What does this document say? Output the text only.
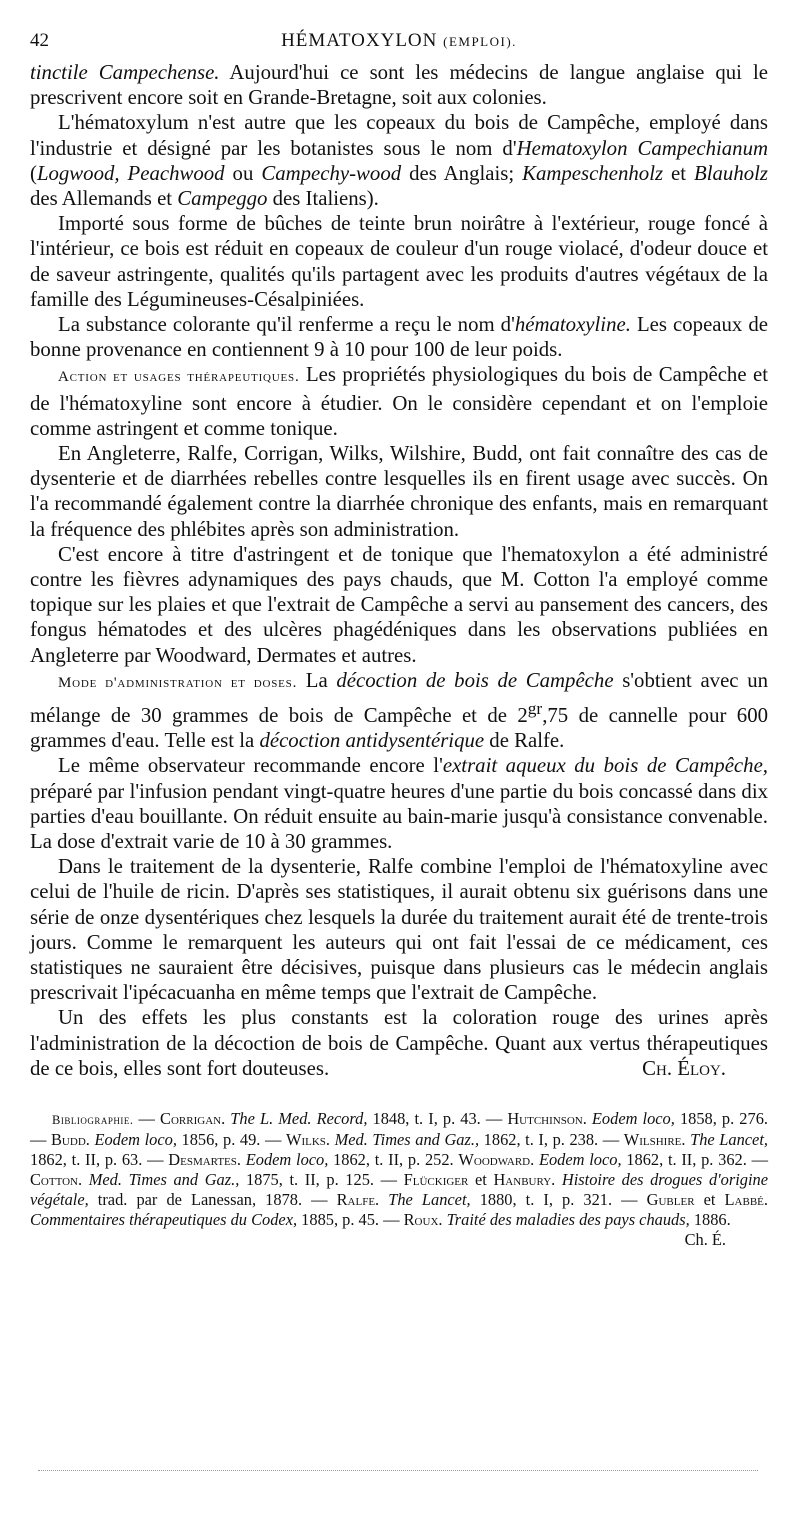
42	HÉMATOXYLON (EMPLOI).

tinctile Campechense. Aujourd'hui ce sont les médecins de langue anglaise qui le prescrivent encore soit en Grande-Bretagne, soit aux colonies.

L'hématoxylum n'est autre que les copeaux du bois de Campêche, employé dans l'industrie et désigné par les botanistes sous le nom d'Hematoxylon Campechianum (Logwood, Peachwood ou Campechy-wood des Anglais; Kampeschenholz et Blauholz des Allemands et Campeggo des Italiens).

Importé sous forme de bûches de teinte brun noirâtre à l'extérieur, rouge foncé à l'intérieur, ce bois est réduit en copeaux de couleur d'un rouge violacé, d'odeur douce et de saveur astringente, qualités qu'ils partagent avec les produits d'autres végétaux de la famille des Légumineuses-Césalpiniées.

La substance colorante qu'il renferme a reçu le nom d'hématoxyline. Les copeaux de bonne provenance en contiennent 9 à 10 pour 100 de leur poids.

Action et usages thérapeutiques. Les propriétés physiologiques du bois de Campêche et de l'hématoxyline sont encore à étudier. On le considère cependant et on l'emploie comme astringent et comme tonique.

En Angleterre, Ralfe, Corrigan, Wilks, Wilshire, Budd, ont fait connaître des cas de dysenterie et de diarrhées rebelles contre lesquelles ils en firent usage avec succès. On l'a recommandé également contre la diarrhée chronique des enfants, mais en remarquant la fréquence des phlébites après son administration.

C'est encore à titre d'astringent et de tonique que l'hematoxylon a été administré contre les fièvres adynamiques des pays chauds, que M. Cotton l'a employé comme topique sur les plaies et que l'extrait de Campêche a servi au pansement des cancers, des fongus hématodes et des ulcères phagédéniques dans les observations publiées en Angleterre par Woodward, Dermates et autres.

Mode d'administration et doses. La décoction de bois de Campêche s'obtient avec un mélange de 30 grammes de bois de Campêche et de $2^{gr},75$ de cannelle pour 600 grammes d'eau. Telle est la décoction antidysentérique de Ralfe.

Le même observateur recommande encore l'extrait aqueux du bois de Campêche, préparé par l'infusion pendant vingt-quatre heures d'une partie du bois concassé dans dix parties d'eau bouillante. On réduit ensuite au bain-marie jusqu'à consistance convenable. La dose d'extrait varie de 10 à 30 grammes.

Dans le traitement de la dysenterie, Ralfe combine l'emploi de l'hématoxyline avec celui de l'huile de ricin. D'après ses statistiques, il aurait obtenu six guérisons dans une série de onze dysentériques chez lesquels la durée du traitement aurait été de trente-trois jours. Comme le remarquent les auteurs qui ont fait l'essai de ce médicament, ces statistiques ne sauraient être décisives, puisque dans plusieurs cas le médecin anglais prescrivait l'ipécacuanha en même temps que l'extrait de Campêche.

Un des effets les plus constants est la coloration rouge des urines après l'administration de la décoction de bois de Campêche. Quant aux vertus thérapeutiques de ce bois, elles sont fort douteuses.	Ch. Éloy.

Bibliographie. — Corrigan. The L. Med. Record, 1848, t. I, p. 43. — Hutchinson. Eodem loco, 1858, p. 276. — Budd. Eodem loco, 1856, p. 49. — Wilks. Med. Times and Gaz., 1862, t. I, p. 238. — Wilshire. The Lancet, 1862, t. II, p. 63. — Desmartes. Eodem loco, 1862, t. II, p. 252. Woodward. Eodem loco, 1862, t. II, p. 362. — Cotton. Med. Times and Gaz., 1875, t. II, p. 125. — Flückiger et Hanbury. Histoire des drogues d'origine végétale, trad. par de Lanessan, 1878. — Ralfe. The Lancet, 1880, t. I, p. 321. — Gubler et Labbé. Commentaires thérapeutiques du Codex, 1885, p. 45. — Roux. Traité des maladies des pays chauds, 1886.
Ch. É.
